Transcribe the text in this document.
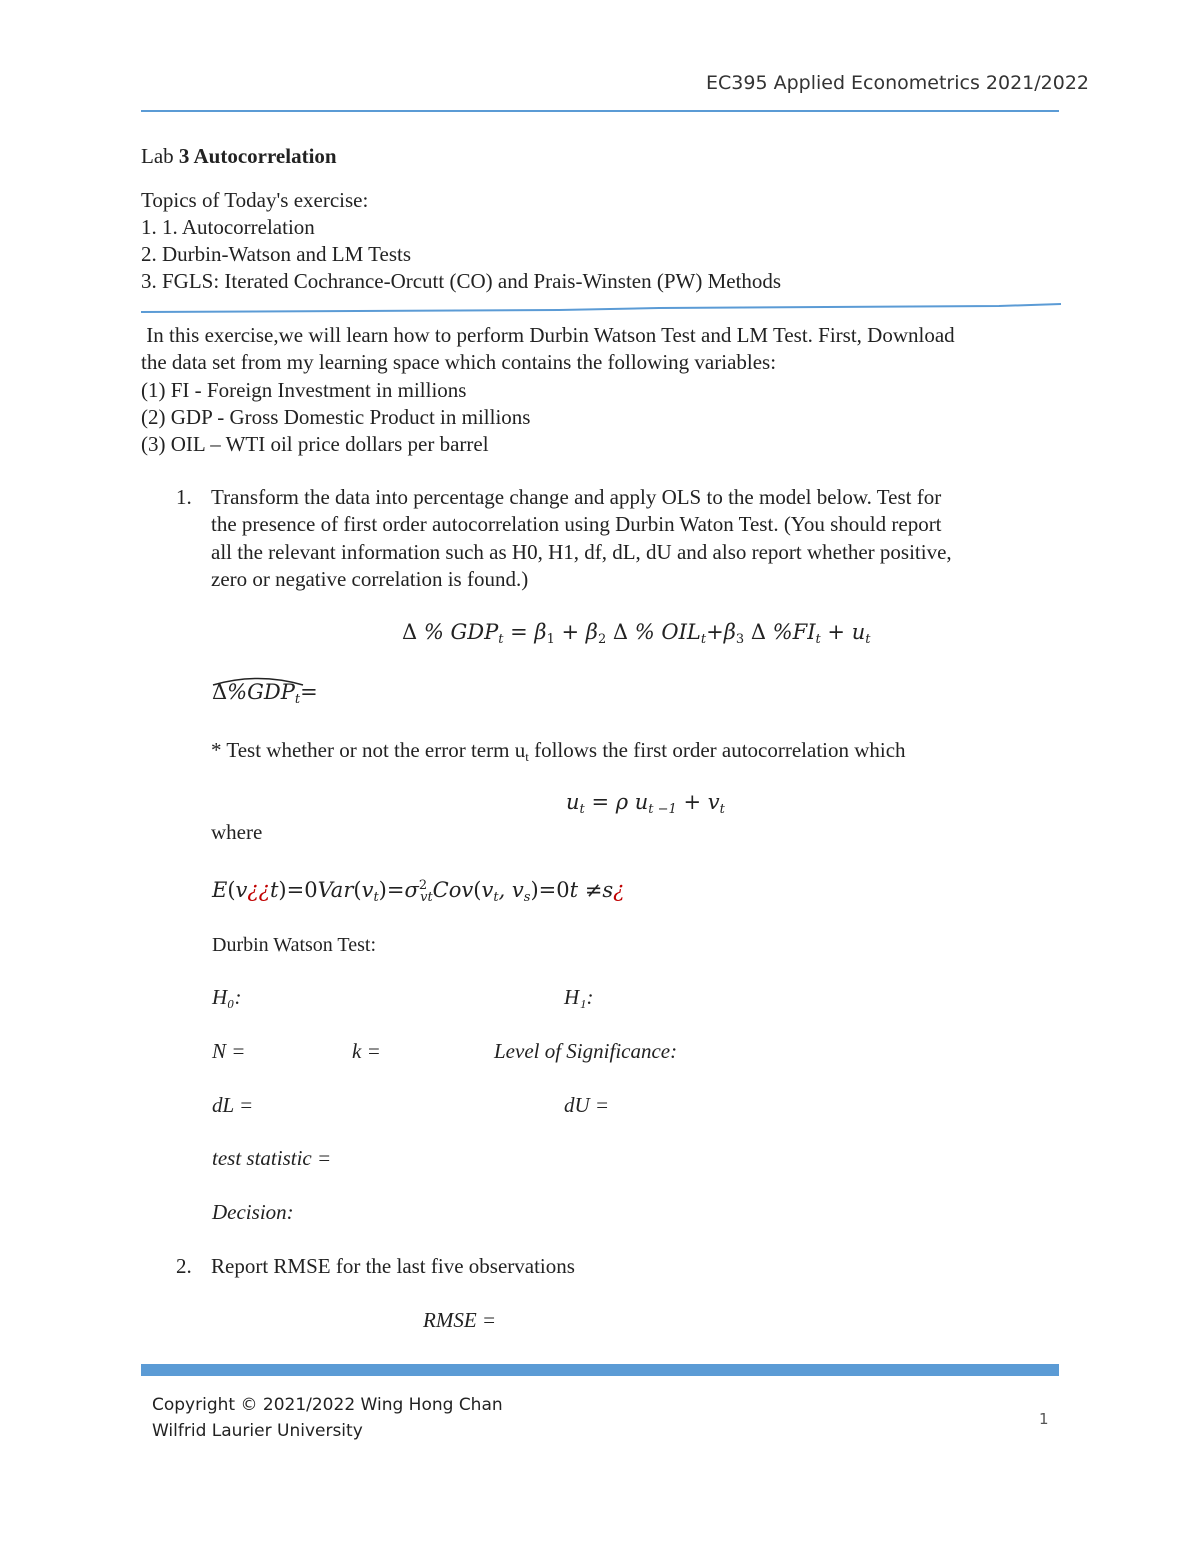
EC395 Applied Econometrics 2021/2022
Lab 3 Autocorrelation
Topics of Today's exercise:
1. 1. Autocorrelation
2. Durbin-Watson and LM Tests
3. FGLS: Iterated Cochrance-Orcutt (CO) and Prais-Winsten (PW) Methods
In this exercise,we will learn how to perform Durbin Watson Test and LM Test. First, Download
the data set from my learning space which contains the following variables:
(1) FI - Foreign Investment in millions
(2) GDP - Gross Domestic Product in millions
(3) OIL – WTI oil price dollars per barrel
1. Transform the data into percentage change and apply OLS to the model below. Test for
the presence of first order autocorrelation using Durbin Waton Test. (You should report
all the relevant information such as H0, H1, df, dL, dU and also report whether positive,
zero or negative correlation is found.)
Δ % $GDP_t = \beta_1 + \beta_2$ Δ % $OIL_t+\beta_3$ Δ $\%FI_t + u_t$
$\Delta\%GDP_t=$
* Test whether or not the error term $u_t$ follows the first order autocorrelation which
$u_t = \rho$ $u_{t -1} + v_t$
where
$E(v¿¿t)=0Var(v_t)=\sigma^2_{vt}Cov(v_t$, $v_s)=0t$ ≠s¿
Durbin Watson Test:
H₀:	H₁:
N =	k =	Level of Significance:
dL =	dU =
test statistic =
Decision:
2. Report RMSE for the last five observations
RMSE =
Copyright © 2021/2022 Wing Hong Chan
Wilfrid Laurier University
1
